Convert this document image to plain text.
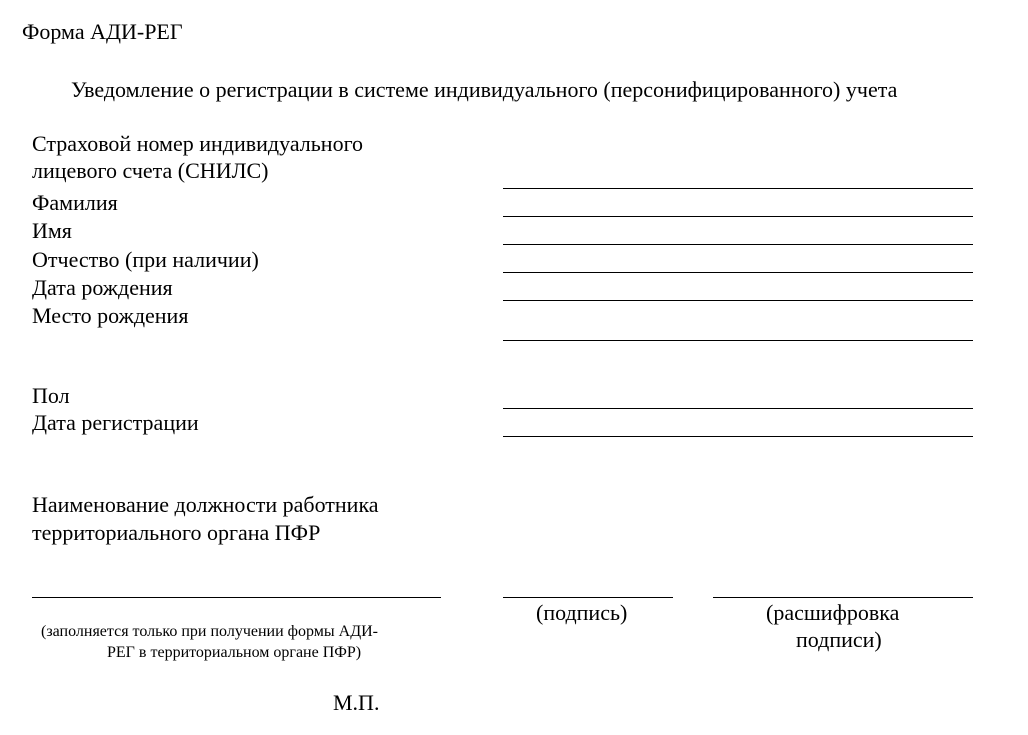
Форма АДИ-РЕГ
Уведомление о регистрации в системе индивидуального (персонифицированного) учета
Страховой номер индивидуального
лицевого счета (СНИЛС)
Фамилия
Имя
Отчество (при наличии)
Дата рождения
Место рождения
Пол
Дата регистрации
Наименование должности работника
территориального органа ПФР
(заполняется только при получении формы АДИ-
РЕГ в территориальном органе ПФР)
(подпись)	(расшифровка
подписи)
М.П.
